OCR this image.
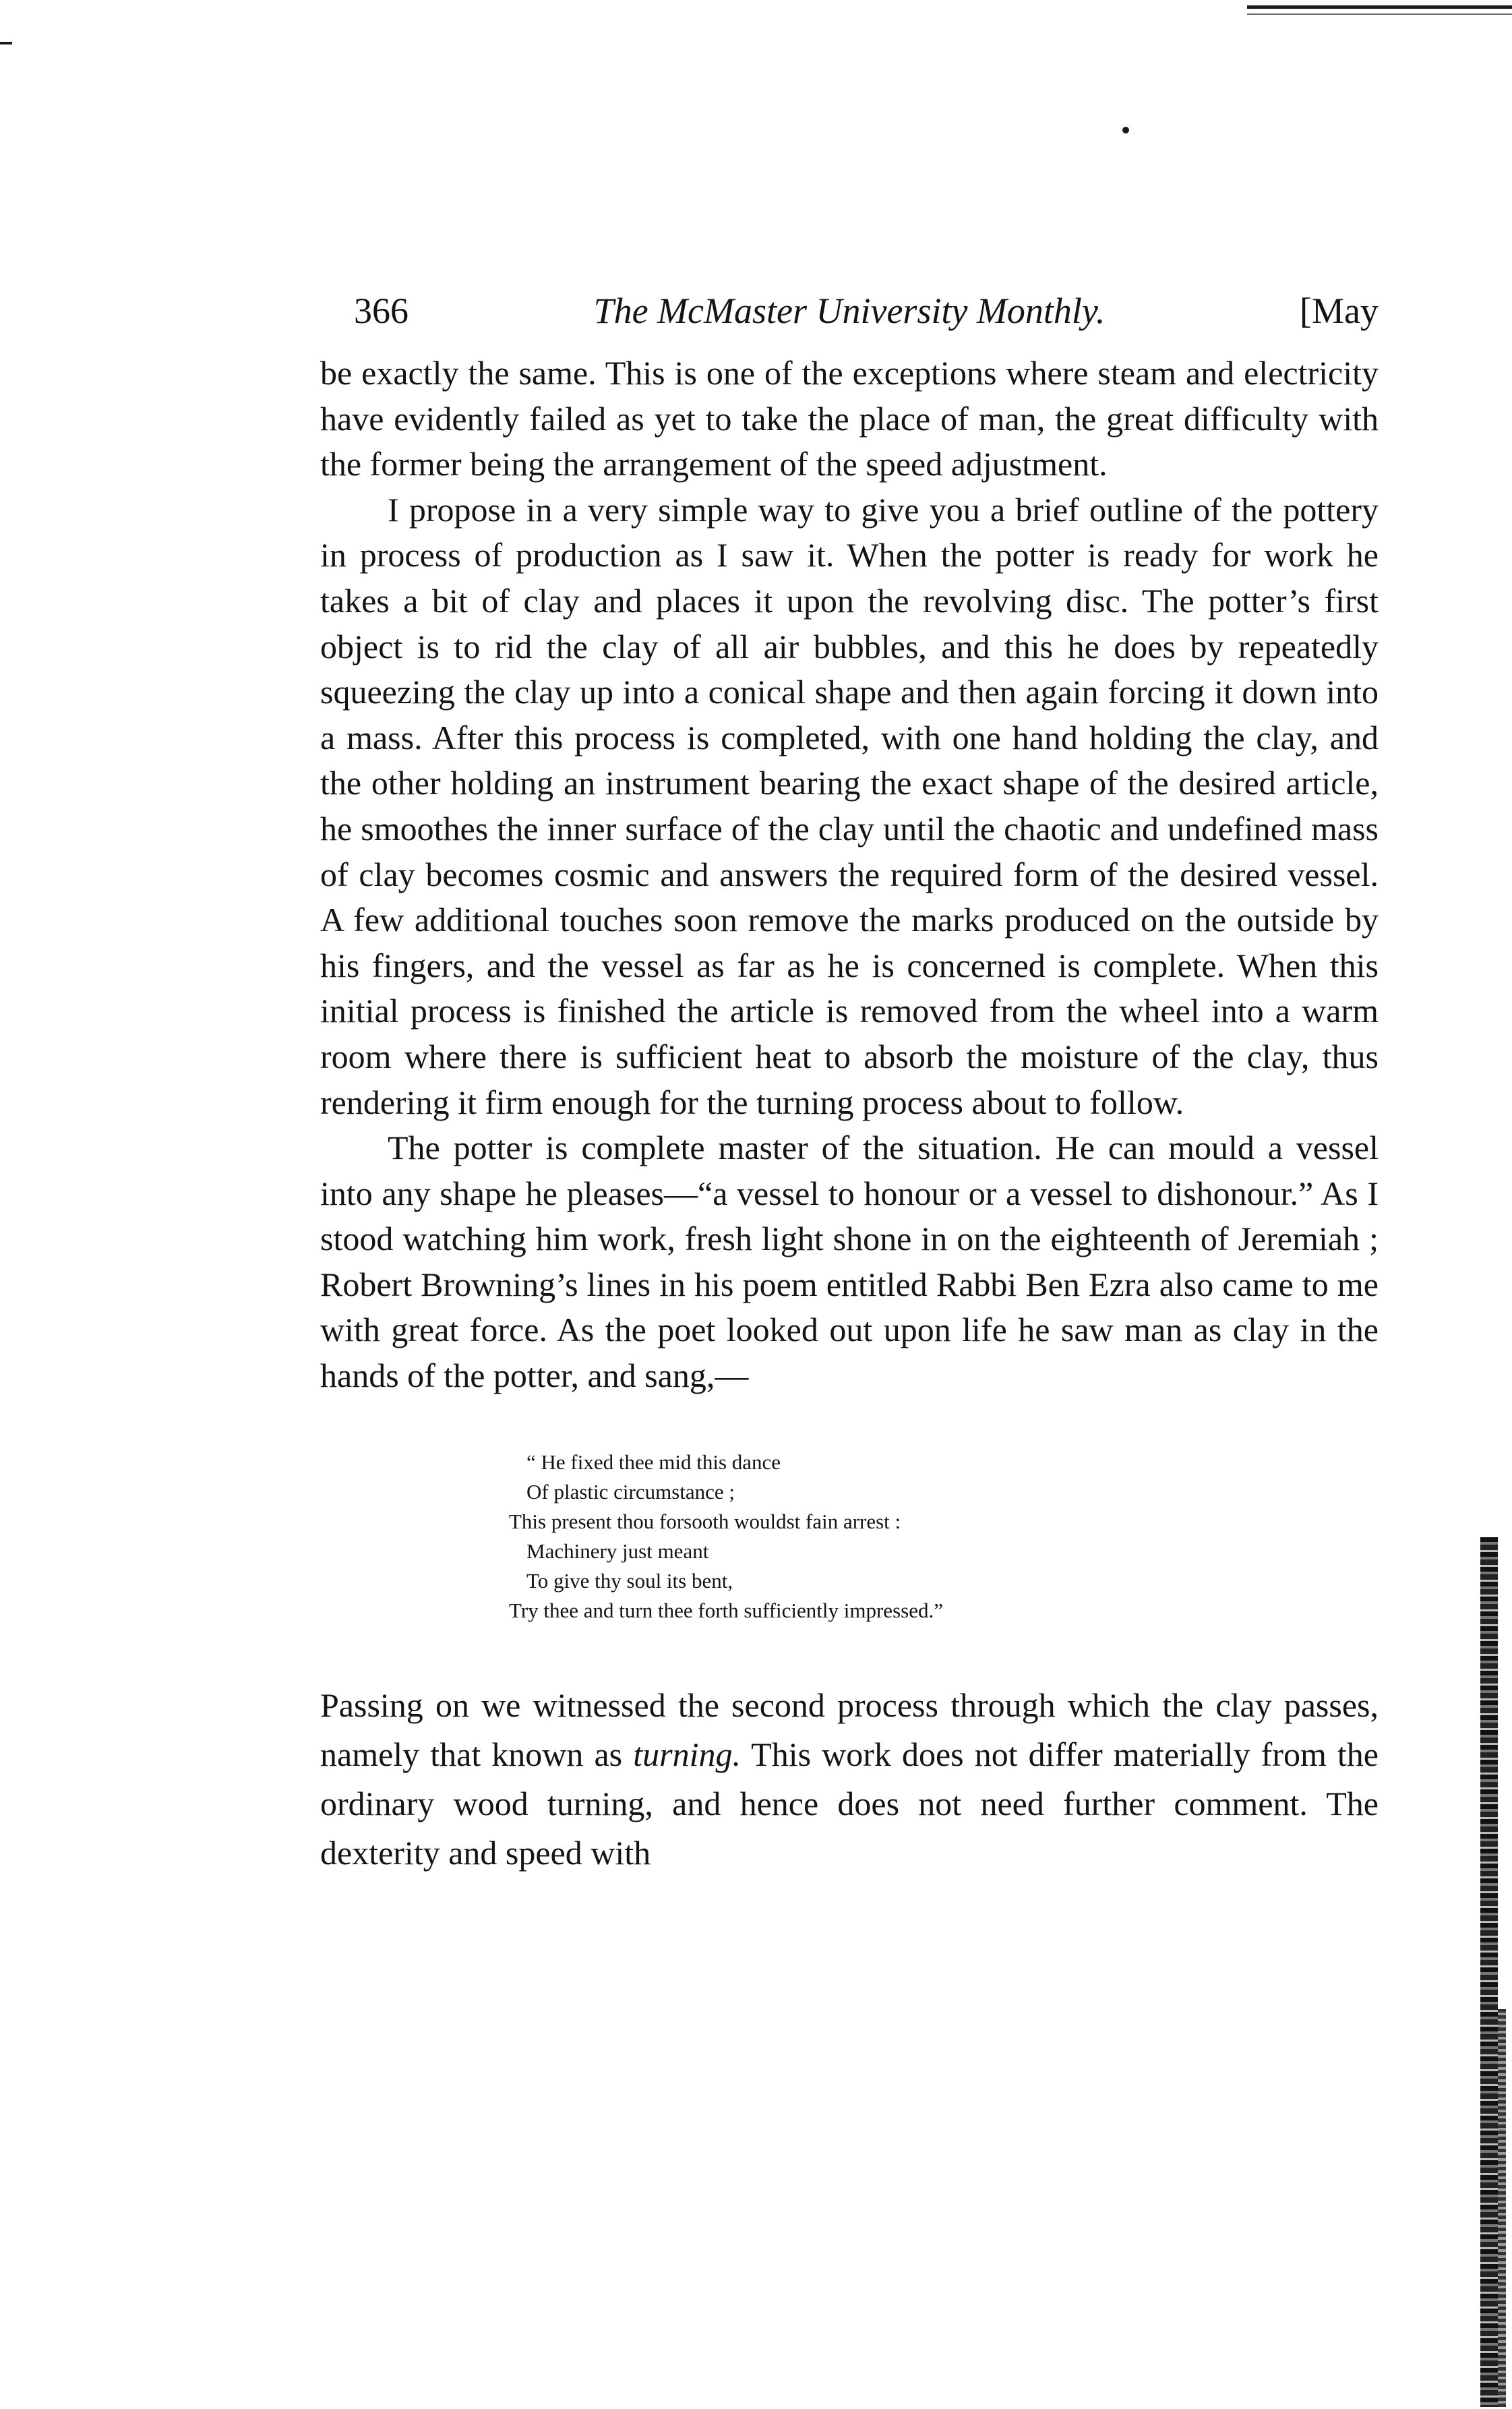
366	The McMaster University Monthly.	[May

be exactly the same. This is one of the exceptions where steam and electricity have evidently failed as yet to take the place of man, the great difficulty with the former being the arrangement of the speed adjustment.

I propose in a very simple way to give you a brief outline of the pottery in process of production as I saw it. When the potter is ready for work he takes a bit of clay and places it upon the revolving disc. The potter’s first object is to rid the clay of all air bubbles, and this he does by repeatedly squeezing the clay up into a conical shape and then again forcing it down into a mass. After this process is completed, with one hand holding the clay, and the other holding an instrument bearing the exact shape of the desired article, he smoothes the inner surface of the clay until the chaotic and undefined mass of clay becomes cosmic and answers the required form of the desired vessel. A few additional touches soon remove the marks produced on the outside by his fingers, and the vessel as far as he is concerned is complete. When this initial process is finished the article is removed from the wheel into a warm room where there is sufficient heat to absorb the moisture of the clay, thus rendering it firm enough for the turning process about to follow.

The potter is complete master of the situation. He can mould a vessel into any shape he pleases—“a vessel to honour or a vessel to dishonour.” As I stood watching him work, fresh light shone in on the eighteenth of Jeremiah ; Robert Browning’s lines in his poem entitled Rabbi Ben Ezra also came to me with great force. As the poet looked out upon life he saw man as clay in the hands of the potter, and sang,—

“ He fixed thee mid this dance
Of plastic circumstance ;
This present thou forsooth wouldst fain arrest :
Machinery just meant
To give thy soul its bent,
Try thee and turn thee forth sufficiently impressed.”

Passing on we witnessed the second process through which the clay passes, namely that known as turning. This work does not differ materially from the ordinary wood turning, and hence does not need further comment. The dexterity and speed with
